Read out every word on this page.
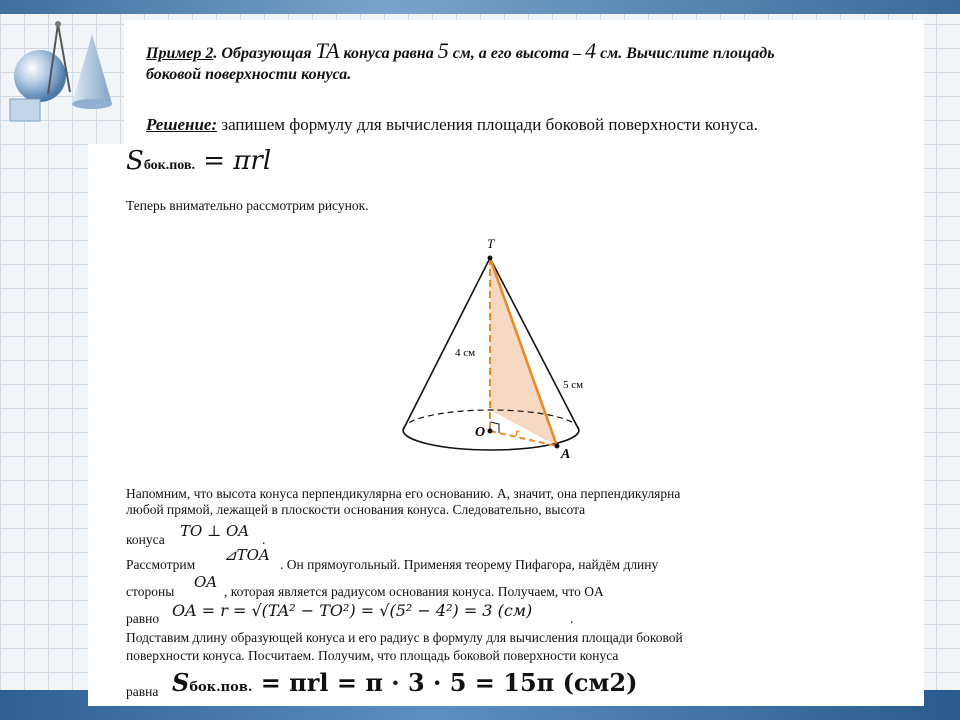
Пример 2. Образующая TA конуса равна 5 см, а его высота – 4 см. Вычислите площадь
боковой поверхности конуса.
Решение: запишем формулу для вычисления площади боковой поверхности конуса.
Sбок.пов. = πrl
Теперь внимательно рассмотрим рисунок.
T
O
A
4 см
5 см
r
Напомним, что высота конуса перпендикулярна его основанию. А, значит, она перпендикулярна
любой прямой, лежащей в плоскости основания конуса. Следовательно, высота
конуса TO ⊥ OA .
Рассмотрим
⊿TOA
. Он прямоугольный. Применяя теорему Пифагора, найдём длину
стороны
OA
, которая является радиусом основания конуса. Получаем, что OA
равно OA = r = √(TA² − TO²) = √(5² − 4²) = 3 (см)	.
Подставим длину образующей конуса и его радиус в формулу для вычисления площади боковой
поверхности конуса. Посчитаем. Получим, что площадь боковой поверхности конуса
равна Sбок.пов. = πrl = π · 3 · 5 = 15π (см2)
